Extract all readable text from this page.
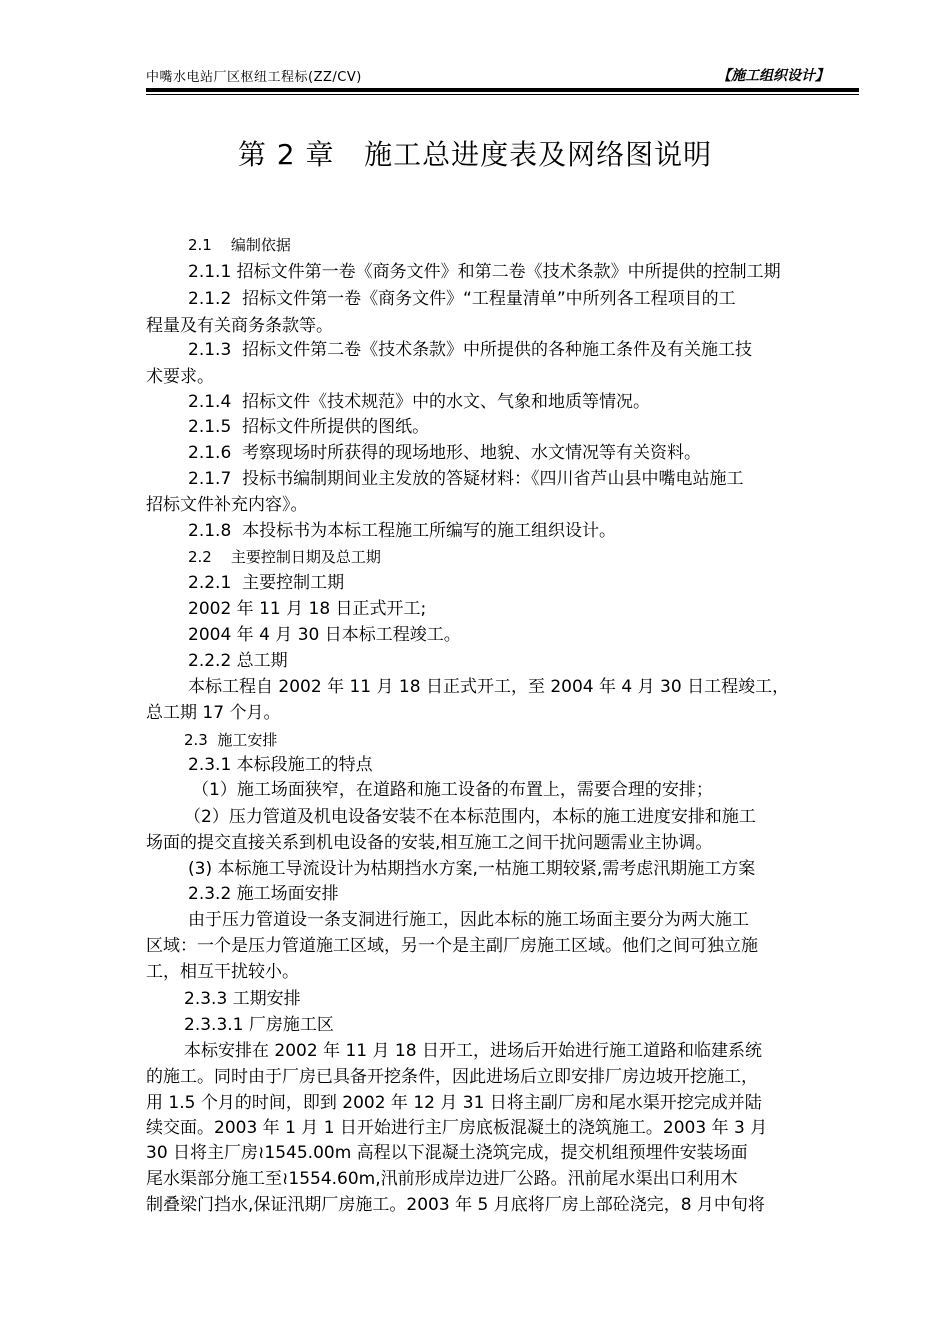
中嘴水电站厂区枢纽工程标(ZZ/CV)	【施工组织设计】
第 2 章   施工总进度表及网络图说明
2.1    编制依据
2.1.1 招标文件第一卷《商务文件》和第二卷《技术条款》中所提供的控制工期
2.1.2  招标文件第一卷《商务文件》“工程量清单”中所列各工程项目的工
程量及有关商务条款等。
2.1.3  招标文件第二卷《技术条款》中所提供的各种施工条件及有关施工技
术要求。
2.1.4  招标文件《技术规范》中的水文、气象和地质等情况。
2.1.5  招标文件所提供的图纸。
2.1.6  考察现场时所获得的现场地形、地貌、水文情况等有关资料。
2.1.7  投标书编制期间业主发放的答疑材料：《四川省芦山县中嘴电站施工
招标文件补充内容》。
2.1.8  本投标书为本标工程施工所编写的施工组织设计。
2.2    主要控制日期及总工期
2.2.1  主要控制工期
2002 年 11 月 18 日正式开工;
2004 年 4 月 30 日本标工程竣工。
2.2.2 总工期
本标工程自 2002 年 11 月 18 日正式开工，至 2004 年 4 月 30 日工程竣工，
总工期 17 个月。
2.3  施工安排
2.3.1 本标段施工的特点
（1）施工场面狭窄，在道路和施工设备的布置上，需要合理的安排；
（2）压力管道及机电设备安装不在本标范围内，本标的施工进度安排和施工
场面的提交直接关系到机电设备的安装,相互施工之间干扰问题需业主协调。
(3) 本标施工导流设计为枯期挡水方案,一枯施工期较紧,需考虑汛期施工方案
2.3.2 施工场面安排
由于压力管道设一条支洞进行施工，因此本标的施工场面主要分为两大施工
区域：一个是压力管道施工区域，另一个是主副厂房施工区域。他们之间可独立施
工，相互干扰较小。
2.3.3 工期安排
2.3.3.1 厂房施工区
本标安排在 2002 年 11 月 18 日开工，进场后开始进行施工道路和临建系统
的施工。同时由于厂房已具备开挖条件，因此进场后立即安排厂房边坡开挖施工，
用 1.5 个月的时间，即到 2002 年 12 月 31 日将主副厂房和尾水渠开挖完成并陆
续交面。2003 年 1 月 1 日开始进行主厂房底板混凝土的浇筑施工。2003 年 3 月
30 日将主厂房≀1545.00m 高程以下混凝土浇筑完成，提交机组预埋件安装场面
尾水渠部分施工至≀1554.60m,汛前形成岸边进厂公路。汛前尾水渠出口利用木
制叠梁门挡水,保证汛期厂房施工。2003 年 5 月底将厂房上部砼浇完，8 月中旬将
